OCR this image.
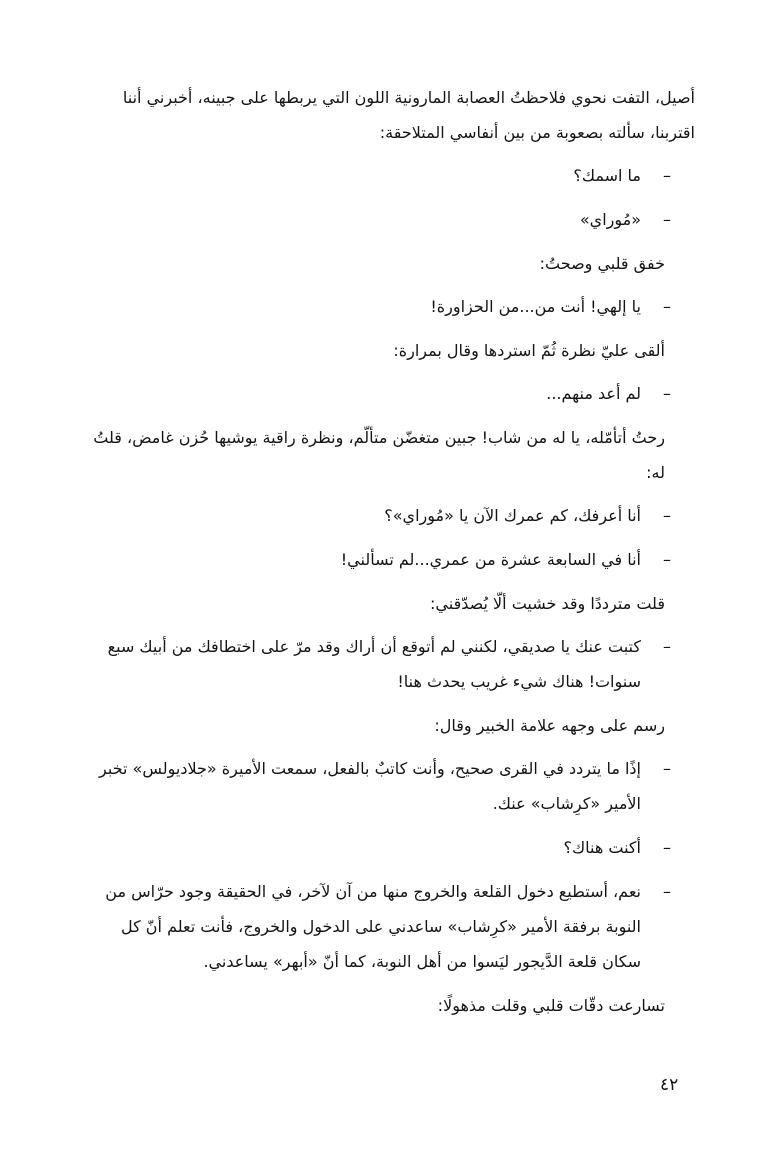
أصيل، التفت نحوي فلاحظتُ العصابة المارونية اللون التي يربطها على جبينه، أخبرني أننا اقتربنا، سألته بصعوبة من بين أنفاسي المتلاحقة:

–
ما اسمك؟
–
«مُوراي»

خفق قلبي وصحتُ:

–
يا إلهي! أنت من...من الحزاورة!

ألقى عليّ نظرة ثُمّ استردها وقال بمرارة:

–
لم أعد منهم...

رحتُ أتأمّله، يا له من شاب! جبين متغضّن متألّم، ونظرة راقية يوشيها حُزن غامض، قلتُ له:

–
أنا أعرفك، كم عمرك الآن يا «مُوراي»؟
–
أنا في السابعة عشرة من عمري...لم تسألني!

قلت مترددًا وقد خشيت ألّا يُصدّقني:

–
كتبت عنك يا صديقي، لكنني لم أتوقع أن أراك وقد مرّ على اختطافك من أبيك سبع سنوات! هناك شيء غريب يحدث هنا!

رسم على وجهه علامة الخبير وقال:

–
إذًا ما يتردد في القرى صحيح، وأنت كاتبٌ بالفعل، سمعت الأميرة «جلاديولس» تخبر الأمير «كرِشاب» عنك.
–
أكنت هناك؟
–
نعم، أستطيع دخول القلعة والخروج منها من آن لآخر، في الحقيقة وجود حرّاس من النوبة برفقة الأمير «كرِشاب» ساعدني على الدخول والخروج، فأنت تعلم أنّ كل سكان قلعة الدَّيجور ليَسوا من أهل النوبة، كما أنّ «أبهر» يساعدني.

تسارعت دقّات قلبي وقلت مذهولًا:

٤٢
